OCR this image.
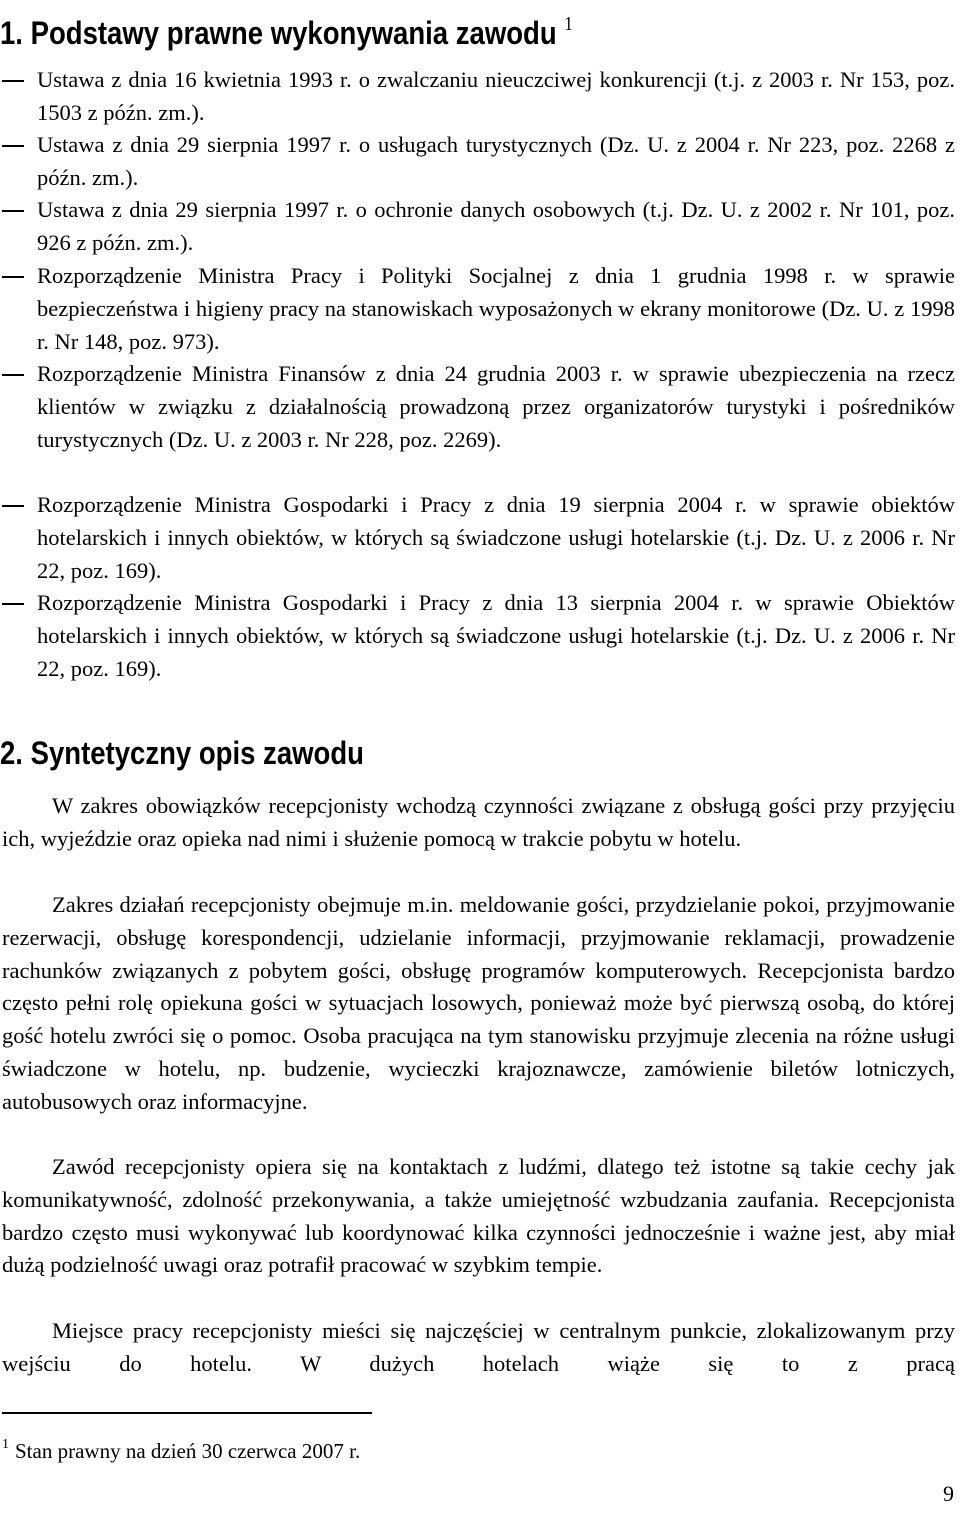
1. Podstawy prawne wykonywania zawodu $^1$
Ustawa z dnia 16 kwietnia 1993 r. o zwalczaniu nieuczciwej konkurencji (t.j. z 2003 r. Nr 153, poz. 1503 z późn. zm.).
Ustawa z dnia 29 sierpnia 1997 r. o usługach turystycznych (Dz. U. z 2004 r. Nr 223, poz. 2268 z późn. zm.).
Ustawa z dnia 29 sierpnia 1997 r. o ochronie danych osobowych (t.j. Dz. U. z 2002 r. Nr 101, poz. 926 z późn. zm.).
Rozporządzenie Ministra Pracy i Polityki Socjalnej z dnia 1 grudnia 1998 r. w sprawie bezpieczeństwa i higieny pracy na stanowiskach wyposażonych w ekrany monitorowe (Dz. U. z 1998 r. Nr 148, poz. 973).
Rozporządzenie Ministra Finansów z dnia 24 grudnia 2003 r. w sprawie ubezpieczenia na rzecz klientów w związku z działalnością prowadzoną przez organizatorów turystyki i pośredników turystycznych (Dz. U. z 2003 r. Nr 228, poz. 2269).
Rozporządzenie Ministra Gospodarki i Pracy z dnia 19 sierpnia 2004 r. w sprawie obiektów hotelarskich i innych obiektów, w których są świadczone usługi hotelarskie (t.j. Dz. U. z 2006 r. Nr 22, poz. 169).
Rozporządzenie Ministra Gospodarki i Pracy z dnia 13 sierpnia 2004 r. w sprawie Obiektów hotelarskich i innych obiektów, w których są świadczone usługi hotelarskie (t.j. Dz. U. z 2006 r. Nr 22, poz. 169).
2. Syntetyczny opis zawodu
W zakres obowiązków recepcjonisty wchodzą czynności związane z obsługą gości przy przyjęciu ich, wyjeździe oraz opieka nad nimi i służenie pomocą w trakcie pobytu w hotelu.
Zakres działań recepcjonisty obejmuje m.in. meldowanie gości, przydzielanie pokoi, przyjmowanie rezerwacji, obsługę korespondencji, udzielanie informacji, przyjmowanie reklamacji, prowadzenie rachunków związanych z pobytem gości, obsługę programów komputerowych. Recepcjonista bardzo często pełni rolę opiekuna gości w sytuacjach losowych, ponieważ może być pierwszą osobą, do której gość hotelu zwróci się o pomoc. Osoba pracująca na tym stanowisku przyjmuje zlecenia na różne usługi świadczone w hotelu, np. budzenie, wycieczki krajoznawcze, zamówienie biletów lotniczych, autobusowych oraz informacyjne.
Zawód recepcjonisty opiera się na kontaktach z ludźmi, dlatego też istotne są takie cechy jak komunikatywność, zdolność przekonywania, a także umiejętność wzbudzania zaufania. Recepcjonista bardzo często musi wykonywać lub koordynować kilka czynności jednocześnie i ważne jest, aby miał dużą podzielność uwagi oraz potrafił pracować w szybkim tempie.
Miejsce pracy recepcjonisty mieści się najczęściej w centralnym punkcie, zlokalizowanym przy wejściu do hotelu. W dużych hotelach wiąże się to z pracą
$^1$ Stan prawny na dzień 30 czerwca 2007 r.
9
